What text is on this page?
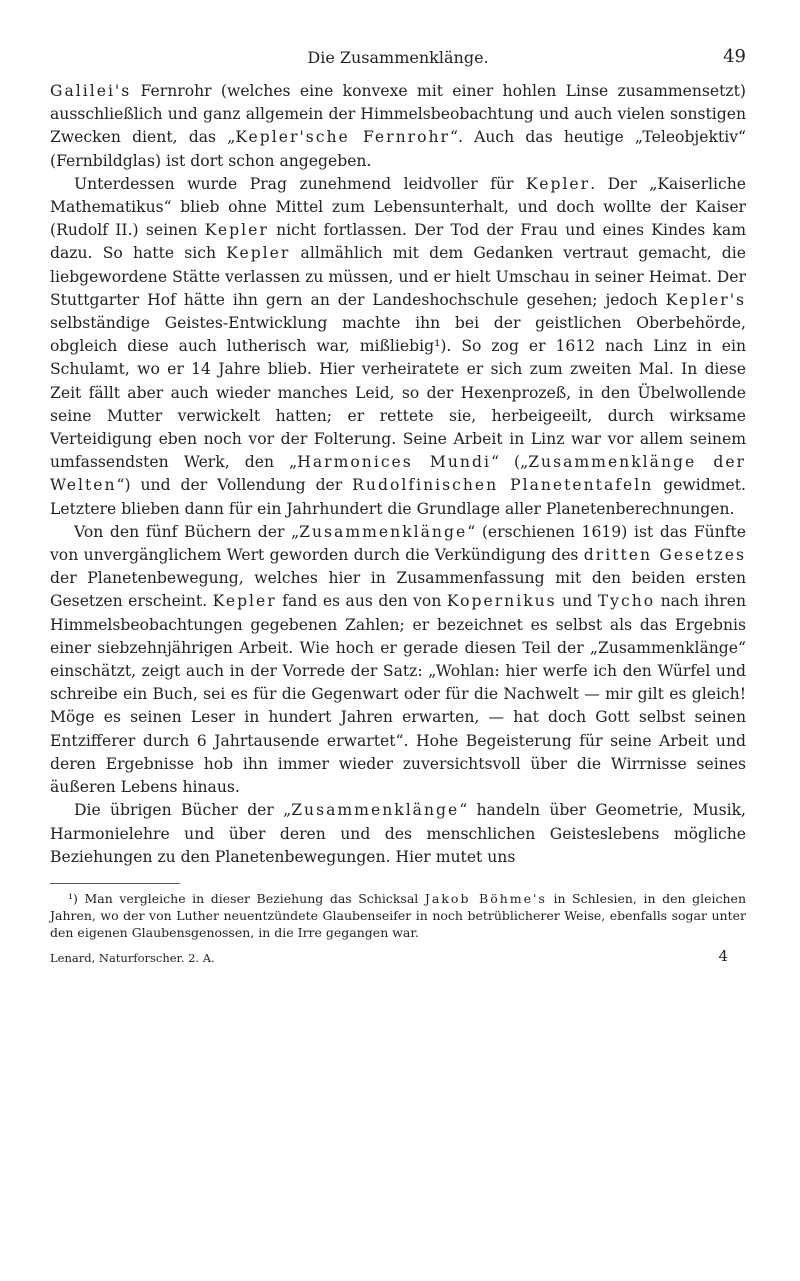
Die Zusammenklänge.	49

Galilei's Fernrohr (welches eine konvexe mit einer hohlen Linse zusammensetzt) ausschließlich und ganz allgemein der Himmelsbeobachtung und auch vielen sonstigen Zwecken dient, das „Kepler'sche Fernrohr“. Auch das heutige „Teleobjektiv“ (Fernbildglas) ist dort schon angegeben.

Unterdessen wurde Prag zunehmend leidvoller für Kepler. Der „Kaiserliche Mathematikus“ blieb ohne Mittel zum Lebensunterhalt, und doch wollte der Kaiser (Rudolf II.) seinen Kepler nicht fortlassen. Der Tod der Frau und eines Kindes kam dazu. So hatte sich Kepler allmählich mit dem Gedanken vertraut gemacht, die liebgewordene Stätte verlassen zu müssen, und er hielt Umschau in seiner Heimat. Der Stuttgarter Hof hätte ihn gern an der Landeshochschule gesehen; jedoch Kepler's selbständige Geistes-Entwicklung machte ihn bei der geistlichen Oberbehörde, obgleich diese auch lutherisch war, mißliebig¹). So zog er 1612 nach Linz in ein Schulamt, wo er 14 Jahre blieb. Hier verheiratete er sich zum zweiten Mal. In diese Zeit fällt aber auch wieder manches Leid, so der Hexenprozeß, in den Übelwollende seine Mutter verwickelt hatten; er rettete sie, herbeigeeilt, durch wirksame Verteidigung eben noch vor der Folterung. Seine Arbeit in Linz war vor allem seinem umfassendsten Werk, den „Harmonices Mundi“ („Zusammenklänge der Welten“) und der Vollendung der Rudolfinischen Planetentafeln gewidmet. Letztere blieben dann für ein Jahrhundert die Grundlage aller Planetenberechnungen.

Von den fünf Büchern der „Zusammenklänge“ (erschienen 1619) ist das Fünfte von unvergänglichem Wert geworden durch die Verkündigung des dritten Gesetzes der Planetenbewegung, welches hier in Zusammenfassung mit den beiden ersten Gesetzen erscheint. Kepler fand es aus den von Kopernikus und Tycho nach ihren Himmelsbeobachtungen gegebenen Zahlen; er bezeichnet es selbst als das Ergebnis einer siebzehnjährigen Arbeit. Wie hoch er gerade diesen Teil der „Zusammenklänge“ einschätzt, zeigt auch in der Vorrede der Satz: „Wohlan: hier werfe ich den Würfel und schreibe ein Buch, sei es für die Gegenwart oder für die Nachwelt — mir gilt es gleich! Möge es seinen Leser in hundert Jahren erwarten, — hat doch Gott selbst seinen Entzifferer durch 6 Jahrtausende erwartet“. Hohe Begeisterung für seine Arbeit und deren Ergebnisse hob ihn immer wieder zuversichtsvoll über die Wirrnisse seines äußeren Lebens hinaus.

Die übrigen Bücher der „Zusammenklänge“ handeln über Geometrie, Musik, Harmonielehre und über deren und des menschlichen Geisteslebens mögliche Beziehungen zu den Planetenbewegungen. Hier mutet uns

¹) Man vergleiche in dieser Beziehung das Schicksal Jakob Böhme's in Schlesien, in den gleichen Jahren, wo der von Luther neuentzündete Glaubenseifer in noch betrüblicherer Weise, ebenfalls sogar unter den eigenen Glaubensgenossen, in die Irre gegangen war.

Lenard, Naturforscher. 2. A.	4
